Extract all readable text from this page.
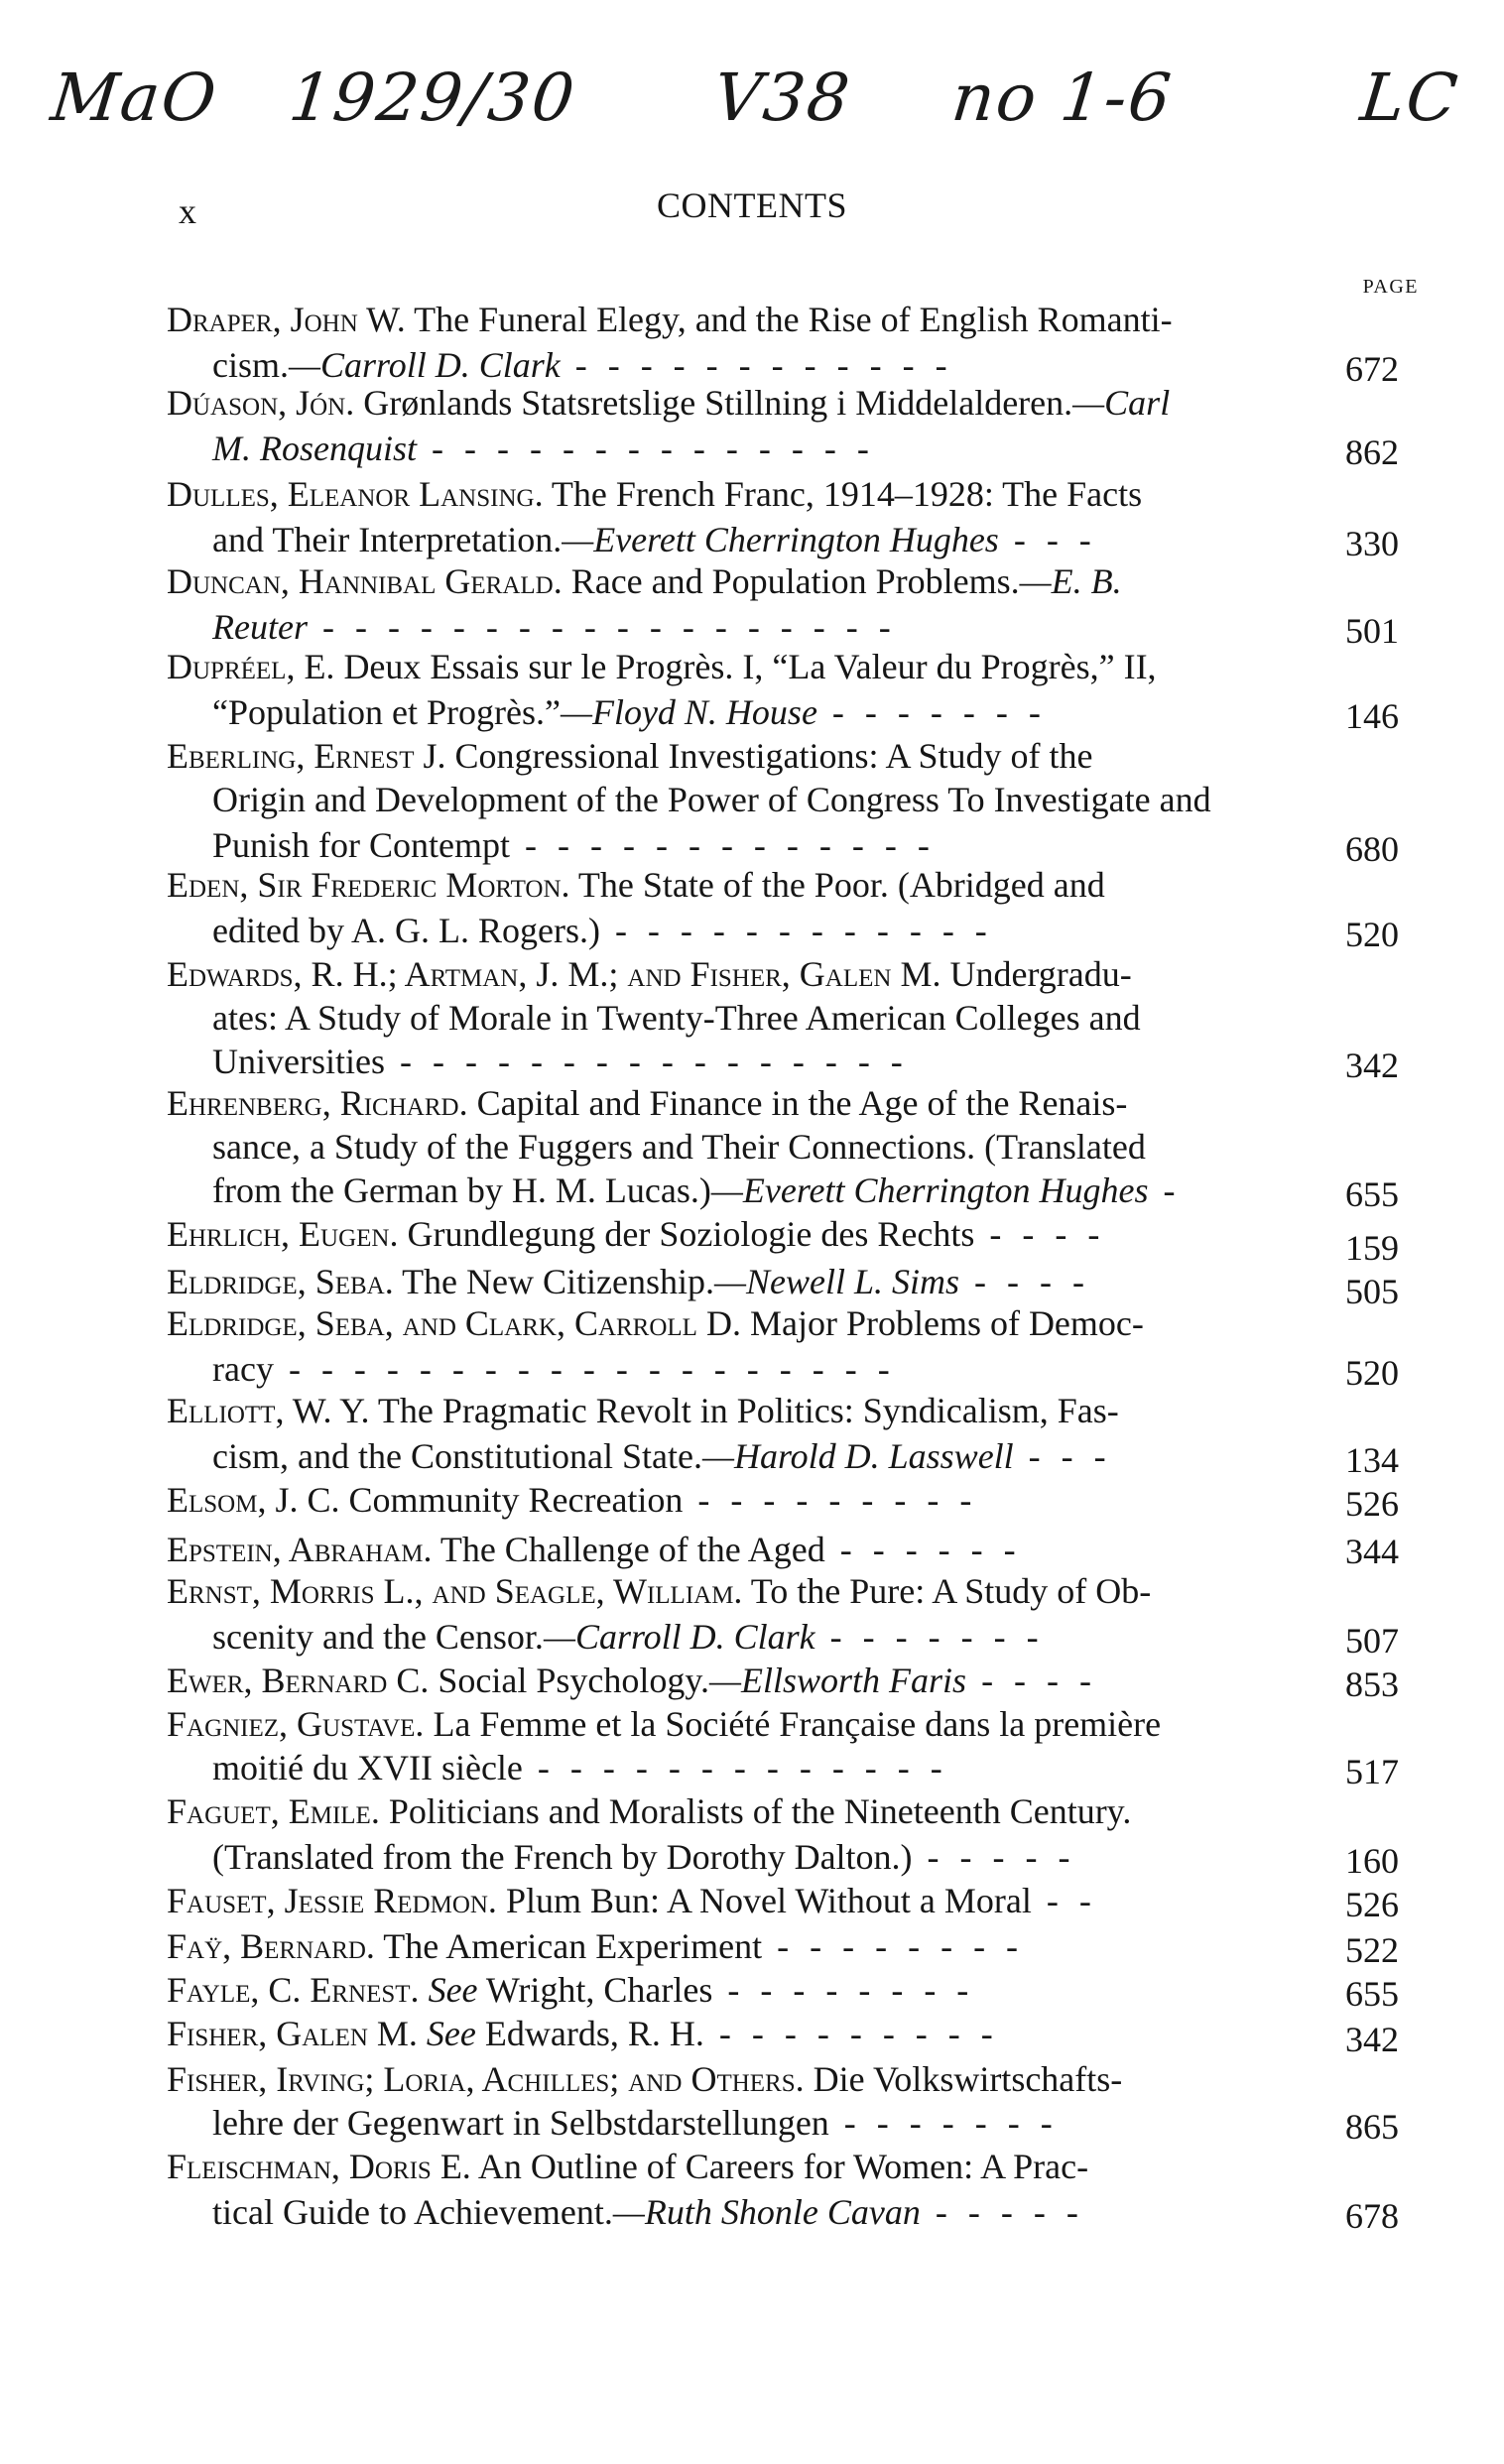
MaO 1929/30 V38 no 1-6	LC
x	CONTENTS
PAGE
Draper, John W. The Funeral Elegy, and the Rise of English Romanti-
cism.—Carroll D. Clark - - - - - - - - - - - -	672
Dúason, Jón. Grønlands Statsretslige Stillning i Middelalderen.—Carl
M. Rosenquist - - - - - - - - - - - - - -	862
Dulles, Eleanor Lansing. The French Franc, 1914–1928: The Facts
and Their Interpretation.—Everett Cherrington Hughes - - -	330
Duncan, Hannibal Gerald. Race and Population Problems.—E. B.
Reuter - - - - - - - - - - - - - - - - - -	501
Dupréel, E. Deux Essais sur le Progrès. I, “La Valeur du Progrès,” II,
“Population et Progrès.”—Floyd N. House - - - - - - -	146
Eberling, Ernest J. Congressional Investigations: A Study of the
Origin and Development of the Power of Congress To Investigate and
Punish for Contempt - - - - - - - - - - - - -	680
Eden, Sir Frederic Morton. The State of the Poor. (Abridged and
edited by A. G. L. Rogers.) - - - - - - - - - - - -	520
Edwards, R. H.; Artman, J. M.; and Fisher, Galen M. Undergradu-
ates: A Study of Morale in Twenty-Three American Colleges and
Universities - - - - - - - - - - - - - - - -	342
Ehrenberg, Richard. Capital and Finance in the Age of the Renais-
sance, a Study of the Fuggers and Their Connections. (Translated
from the German by H. M. Lucas.)—Everett Cherrington Hughes -	655
Ehrlich, Eugen. Grundlegung der Soziologie des Rechts - - - -	159
Eldridge, Seba. The New Citizenship.—Newell L. Sims - - - -	505
Eldridge, Seba, and Clark, Carroll D. Major Problems of Democ-
racy - - - - - - - - - - - - - - - - - - -	520
Elliott, W. Y. The Pragmatic Revolt in Politics: Syndicalism, Fas-
cism, and the Constitutional State.—Harold D. Lasswell - - -	134
Elsom, J. C. Community Recreation - - - - - - - - -	526
Epstein, Abraham. The Challenge of the Aged - - - - - -	344
Ernst, Morris L., and Seagle, William. To the Pure: A Study of Ob-
scenity and the Censor.—Carroll D. Clark - - - - - - -	507
Ewer, Bernard C. Social Psychology.—Ellsworth Faris - - - -	853
Fagniez, Gustave. La Femme et la Société Française dans la première
moitié du XVII siècle - - - - - - - - - - - - -	517
Faguet, Emile. Politicians and Moralists of the Nineteenth Century.
(Translated from the French by Dorothy Dalton.) - - - - -	160
Fauset, Jessie Redmon. Plum Bun: A Novel Without a Moral - -	526
Faÿ, Bernard. The American Experiment - - - - - - - -	522
Fayle, C. Ernest. See Wright, Charles - - - - - - - -	655
Fisher, Galen M. See Edwards, R. H. - - - - - - - - -	342
Fisher, Irving; Loria, Achilles; and Others. Die Volkswirtschafts-
lehre der Gegenwart in Selbstdarstellungen - - - - - - -	865
Fleischman, Doris E. An Outline of Careers for Women: A Prac-
tical Guide to Achievement.—Ruth Shonle Cavan - - - - -	678
